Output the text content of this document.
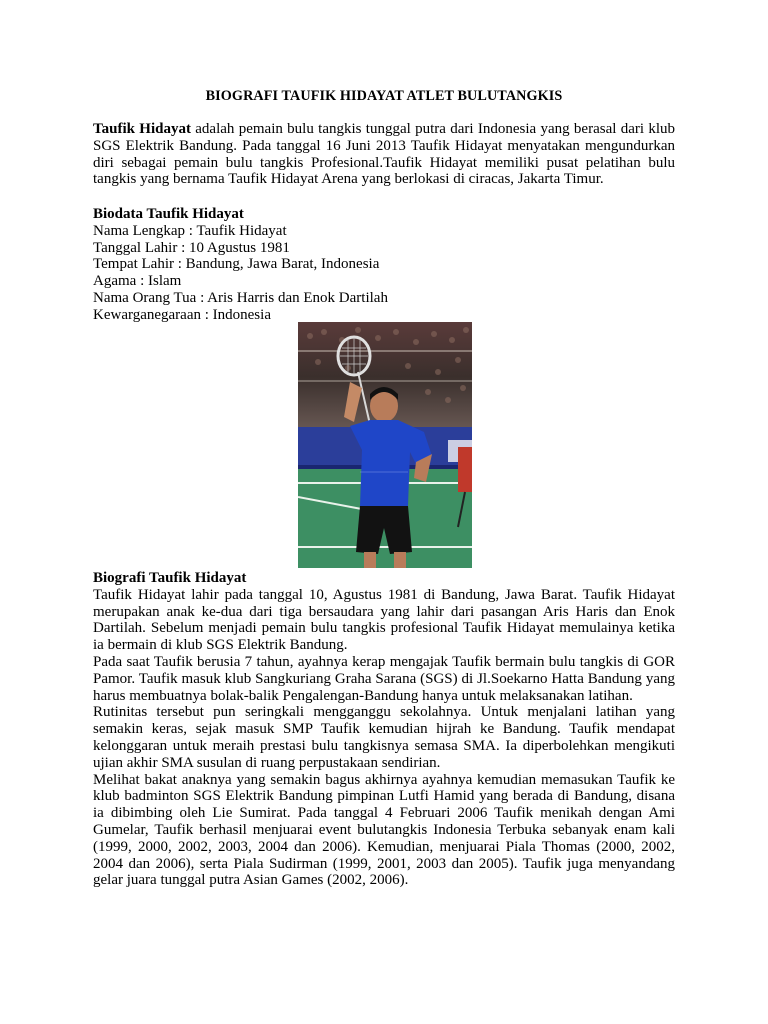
BIOGRAFI TAUFIK HIDAYAT ATLET BULUTANGKIS

Taufik Hidayat adalah pemain bulu tangkis tunggal putra dari Indonesia yang berasal dari klub SGS Elektrik Bandung. Pada tanggal 16 Juni 2013 Taufik Hidayat menyatakan mengundurkan diri sebagai pemain bulu tangkis Profesional.Taufik Hidayat memiliki pusat pelatihan bulu tangkis yang bernama Taufik Hidayat Arena yang berlokasi di ciracas, Jakarta Timur.

Biodata Taufik Hidayat
Nama Lengkap : Taufik Hidayat
Tanggal Lahir : 10 Agustus 1981
Tempat Lahir : Bandung, Jawa Barat, Indonesia
Agama : Islam
Nama Orang Tua : Aris Harris dan Enok Dartilah
Kewarganegaraan : Indonesia

Biografi Taufik Hidayat

Taufik Hidayat lahir pada tanggal 10, Agustus 1981 di Bandung, Jawa Barat. Taufik Hidayat merupakan anak ke-dua dari tiga bersaudara yang lahir dari pasangan Aris Haris dan Enok Dartilah. Sebelum menjadi pemain bulu tangkis profesional Taufik Hidayat memulainya ketika ia bermain di klub SGS Elektrik Bandung.

Pada saat Taufik berusia 7 tahun, ayahnya kerap mengajak Taufik bermain bulu tangkis di GOR Pamor. Taufik masuk klub Sangkuriang Graha Sarana (SGS) di Jl.Soekarno Hatta Bandung yang harus membuatnya bolak-balik Pengalengan-Bandung hanya untuk melaksanakan latihan.

Rutinitas tersebut pun seringkali mengganggu sekolahnya. Untuk menjalani latihan yang semakin keras, sejak masuk SMP Taufik kemudian hijrah ke Bandung. Taufik mendapat kelonggaran untuk meraih prestasi bulu tangkisnya semasa SMA. Ia diperbolehkan mengikuti ujian akhir SMA susulan di ruang perpustakaan sendirian.

Melihat bakat anaknya yang semakin bagus akhirnya ayahnya kemudian memasukan Taufik ke klub badminton SGS Elektrik Bandung pimpinan Lutfi Hamid yang berada di Bandung, disana ia dibimbing oleh Lie Sumirat. Pada tanggal 4 Februari 2006 Taufik menikah dengan Ami Gumelar, Taufik berhasil menjuarai event bulutangkis Indonesia Terbuka sebanyak enam kali (1999, 2000, 2002, 2003, 2004 dan 2006). Kemudian, menjuarai Piala Thomas (2000, 2002, 2004 dan 2006), serta Piala Sudirman (1999, 2001, 2003 dan 2005). Taufik juga menyandang gelar juara tunggal putra Asian Games (2002, 2006).
